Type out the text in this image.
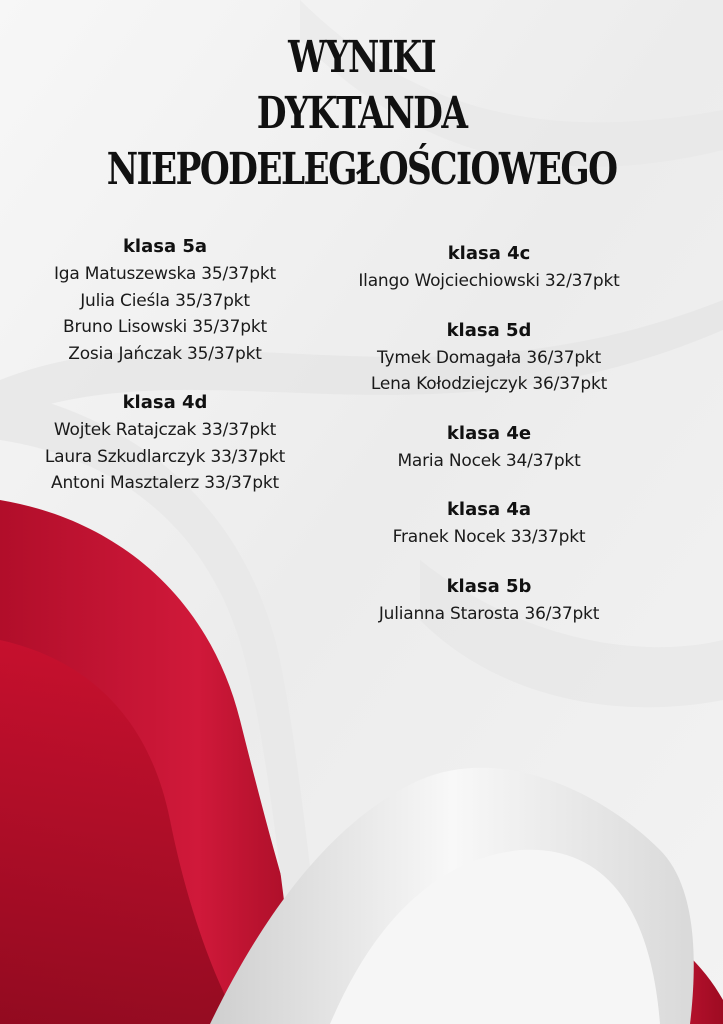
WYNIKI
DYKTANDA
NIEPODELEGŁOŚCIOWEGO
klasa 5a
Iga Matuszewska 35/37pkt
Julia Cieśla 35/37pkt
Bruno Lisowski 35/37pkt
Zosia Jańczak 35/37pkt
klasa 4d
Wojtek Ratajczak 33/37pkt
Laura Szkudlarczyk 33/37pkt
Antoni Masztalerz 33/37pkt
klasa 4c
Ilango Wojciechiowski 32/37pkt
klasa 5d
Tymek Domagała 36/37pkt
Lena Kołodziejczyk 36/37pkt
klasa 4e
Maria Nocek 34/37pkt
klasa 4a
Franek Nocek 33/37pkt
klasa 5b
Julianna Starosta 36/37pkt
